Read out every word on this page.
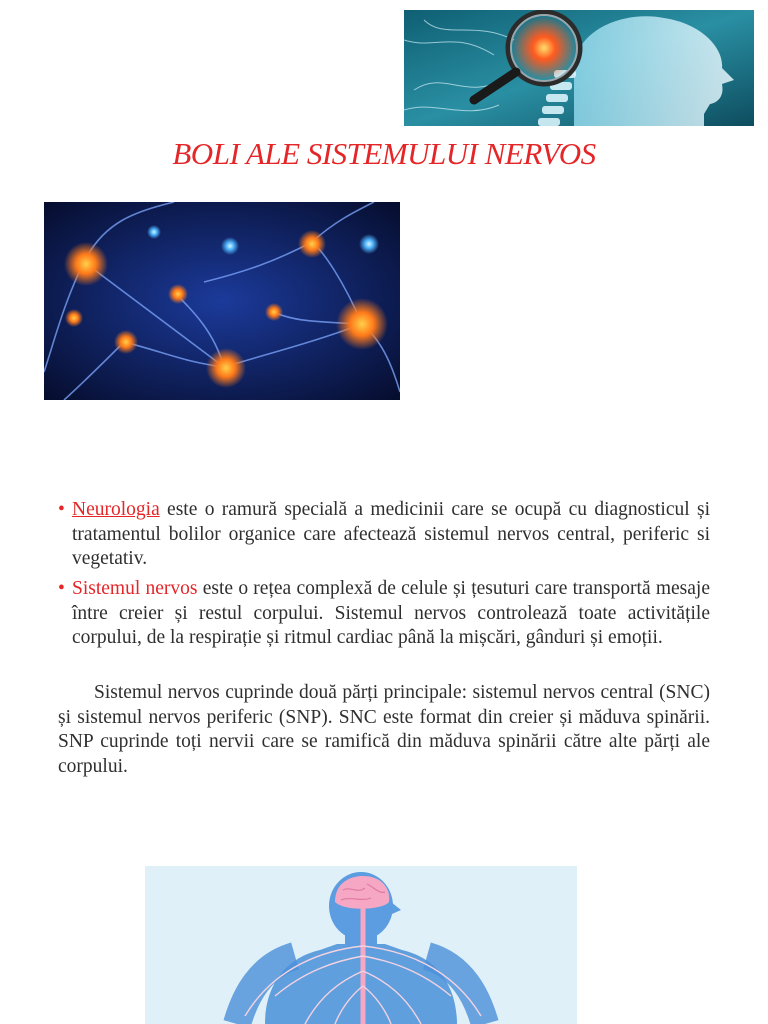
BOLI ALE SISTEMULUI NERVOS
• Neurologia este o ramură specială a medicinii care se ocupă cu diagnosticul și tratamentul bolilor organice care afectează sistemul nervos central, periferic si vegetativ.
• Sistemul nervos este o rețea complexă de celule și țesuturi care transportă mesaje între creier și restul corpului. Sistemul nervos controlează toate activitățile corpului, de la respirație și ritmul cardiac până la mișcări, gânduri și emoții.
Sistemul nervos cuprinde două părți principale: sistemul nervos central (SNC) și sistemul nervos periferic (SNP). SNC este format din creier și măduva spinării. SNP cuprinde toți nervii care se ramifică din măduva spinării către alte părți ale corpului.
